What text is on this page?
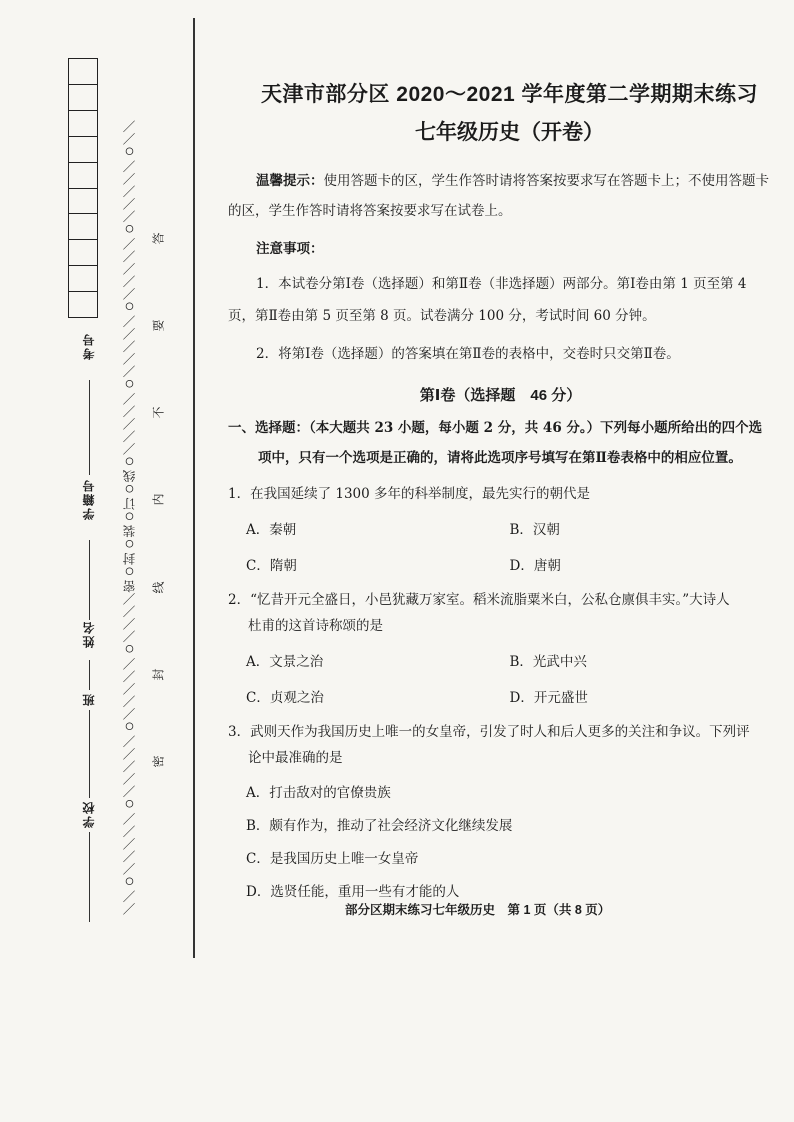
考号
学籍号
姓名
班
学校 ／／○／／／／／○／／／／／○／／／／／○／／／／密○封○装○订○线○／／／／／○／／／／／○／／／／／○／／／／／○／／ 答
要
不
内
线
封
密
天津市部分区 2020～2021 学年度第二学期期末练习
七年级历史（开卷）
温馨提示：使用答题卡的区，学生作答时请将答案按要求写在答题卡上；不使用答题卡的区，学生作答时请将答案按要求写在试卷上。
注意事项：
1．本试卷分第Ⅰ卷（选择题）和第Ⅱ卷（非选择题）两部分。第Ⅰ卷由第 1 页至第 4 页，第Ⅱ卷由第 5 页至第 8 页。试卷满分 100 分，考试时间 60 分钟。
2．将第Ⅰ卷（选择题）的答案填在第Ⅱ卷的表格中，交卷时只交第Ⅱ卷。
第Ⅰ卷（选择题　46 分）
一、选择题：（本大题共 23 小题，每小题 2 分，共 46 分。）下列每小题所给出的四个选
项中，只有一个选项是正确的，请将此选项序号填写在第Ⅱ卷表格中的相应位置。
1．在我国延续了 1300 多年的科举制度，最先实行的朝代是
A．秦朝	B．汉朝
C．隋朝	D．唐朝
2．“忆昔开元全盛日，小邑犹藏万家室。稻米流脂粟米白，公私仓廪俱丰实。”大诗人
杜甫的这首诗称颂的是
A．文景之治	B．光武中兴
C．贞观之治	D．开元盛世
3．武则天作为我国历史上唯一的女皇帝，引发了时人和后人更多的关注和争议。下列评
论中最准确的是
A．打击敌对的官僚贵族
B．颇有作为，推动了社会经济文化继续发展
C．是我国历史上唯一女皇帝
D．选贤任能，重用一些有才能的人
部分区期末练习七年级历史　第 1 页（共 8 页）
